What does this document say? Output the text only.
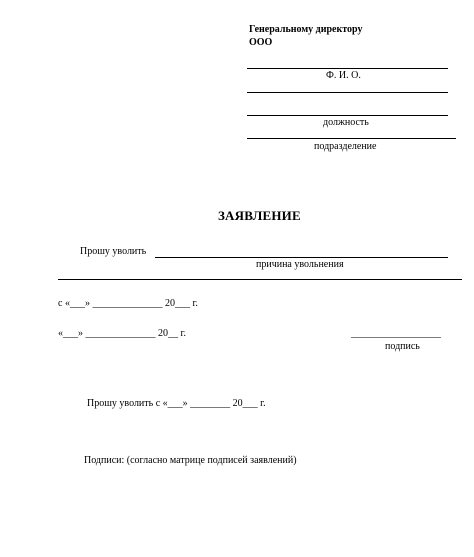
Генеральному директору
ООО
Ф. И. О.
должность
подразделение
ЗАЯВЛЕНИЕ
Прошу уволить
причина увольнения
с «___» ______________ 20___ г.
«___» ______________ 20__ г.	__________________
подпись
Прошу уволить с «___» ________ 20___ г.
Подписи: (согласно матрице подписей заявлений)
